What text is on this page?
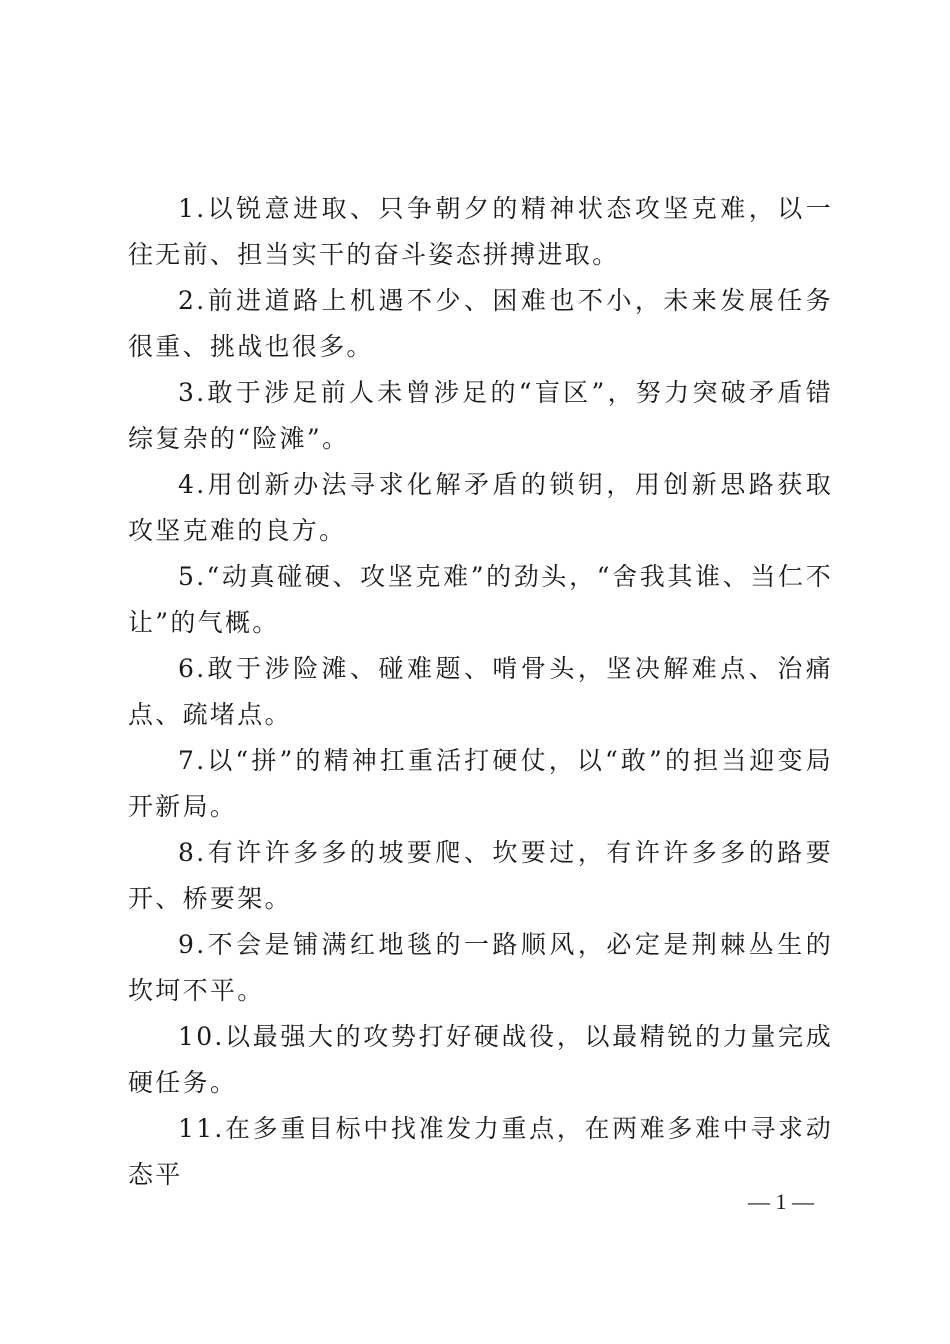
1.以锐意进取、只争朝夕的精神状态攻坚克难，以一往无前、担当实干的奋斗姿态拼搏进取。

2.前进道路上机遇不少、困难也不小，未来发展任务很重、挑战也很多。

3.敢于涉足前人未曾涉足的“盲区”，努力突破矛盾错综复杂的“险滩”。

4.用创新办法寻求化解矛盾的锁钥，用创新思路获取攻坚克难的良方。

5.“动真碰硬、攻坚克难”的劲头，“舍我其谁、当仁不让”的气概。

6.敢于涉险滩、碰难题、啃骨头，坚决解难点、治痛点、疏堵点。

7.以“拼”的精神扛重活打硬仗，以“敢”的担当迎变局开新局。

8.有许许多多的坡要爬、坎要过，有许许多多的路要开、桥要架。

9.不会是铺满红地毯的一路顺风，必定是荆棘丛生的坎坷不平。

10.以最强大的攻势打好硬战役，以最精锐的力量完成硬任务。

11.在多重目标中找准发力重点，在两难多难中寻求动态平

— 1 —
